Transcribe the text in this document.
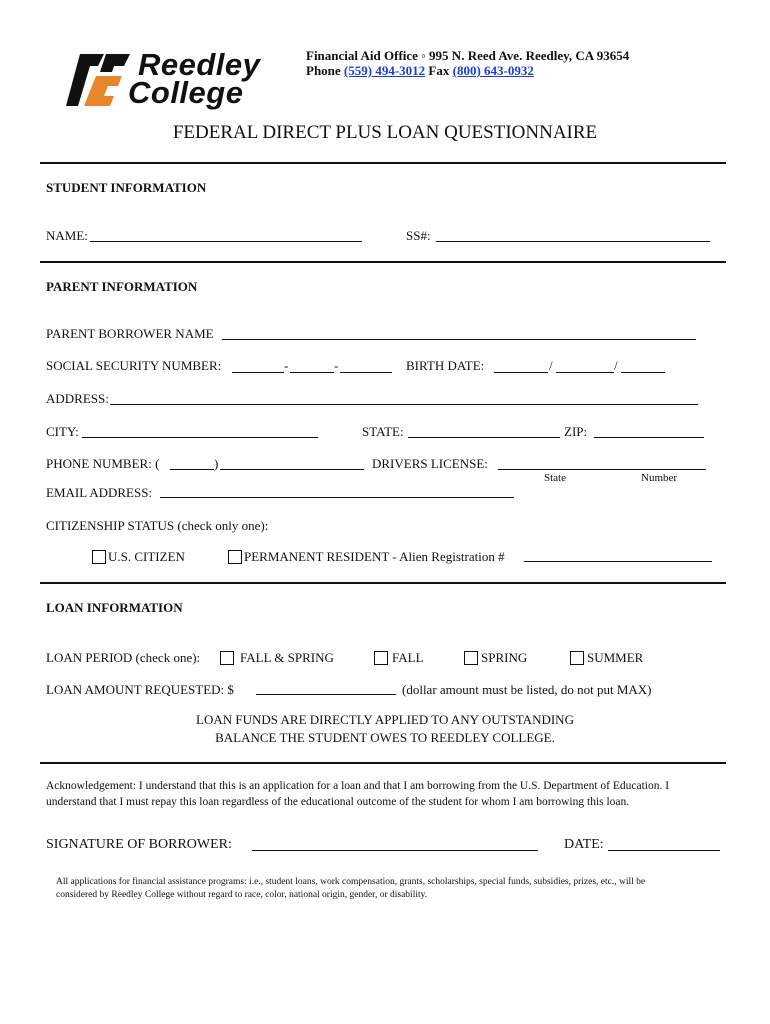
Reedley
College
Financial Aid Office ◦ 995 N. Reed Ave. Reedley, CA 93654
Phone (559) 494-3012 Fax (800) 643-0932
FEDERAL DIRECT PLUS LOAN QUESTIONNAIRE
STUDENT INFORMATION
NAME:	SS#:
PARENT INFORMATION
PARENT BORROWER NAME
SOCIAL SECURITY NUMBER:	-	-	BIRTH DATE:	/	/
ADDRESS:
CITY:	STATE:	ZIP:
PHONE NUMBER: (	)	DRIVERS LICENSE:
State	Number
EMAIL ADDRESS:
CITIZENSHIP STATUS (check only one):
U.S. CITIZEN	PERMANENT RESIDENT - Alien Registration #
LOAN INFORMATION
LOAN PERIOD (check one):	FALL & SPRING	FALL	SPRING	SUMMER
LOAN AMOUNT REQUESTED: $	(dollar amount must be listed, do not put MAX)
LOAN FUNDS ARE DIRECTLY APPLIED TO ANY OUTSTANDING
BALANCE THE STUDENT OWES TO REEDLEY COLLEGE.
Acknowledgement: I understand that this is an application for a loan and that I am borrowing from the U.S. Department of Education. I
understand that I must repay this loan regardless of the educational outcome of the student for whom I am borrowing this loan.
SIGNATURE OF BORROWER:	DATE:
All applications for financial assistance programs: i.e., student loans, work compensation, grants, scholarships, special funds, subsidies, prizes, etc., will be
considered by Reedley College without regard to race, color, national origin, gender, or disability.
